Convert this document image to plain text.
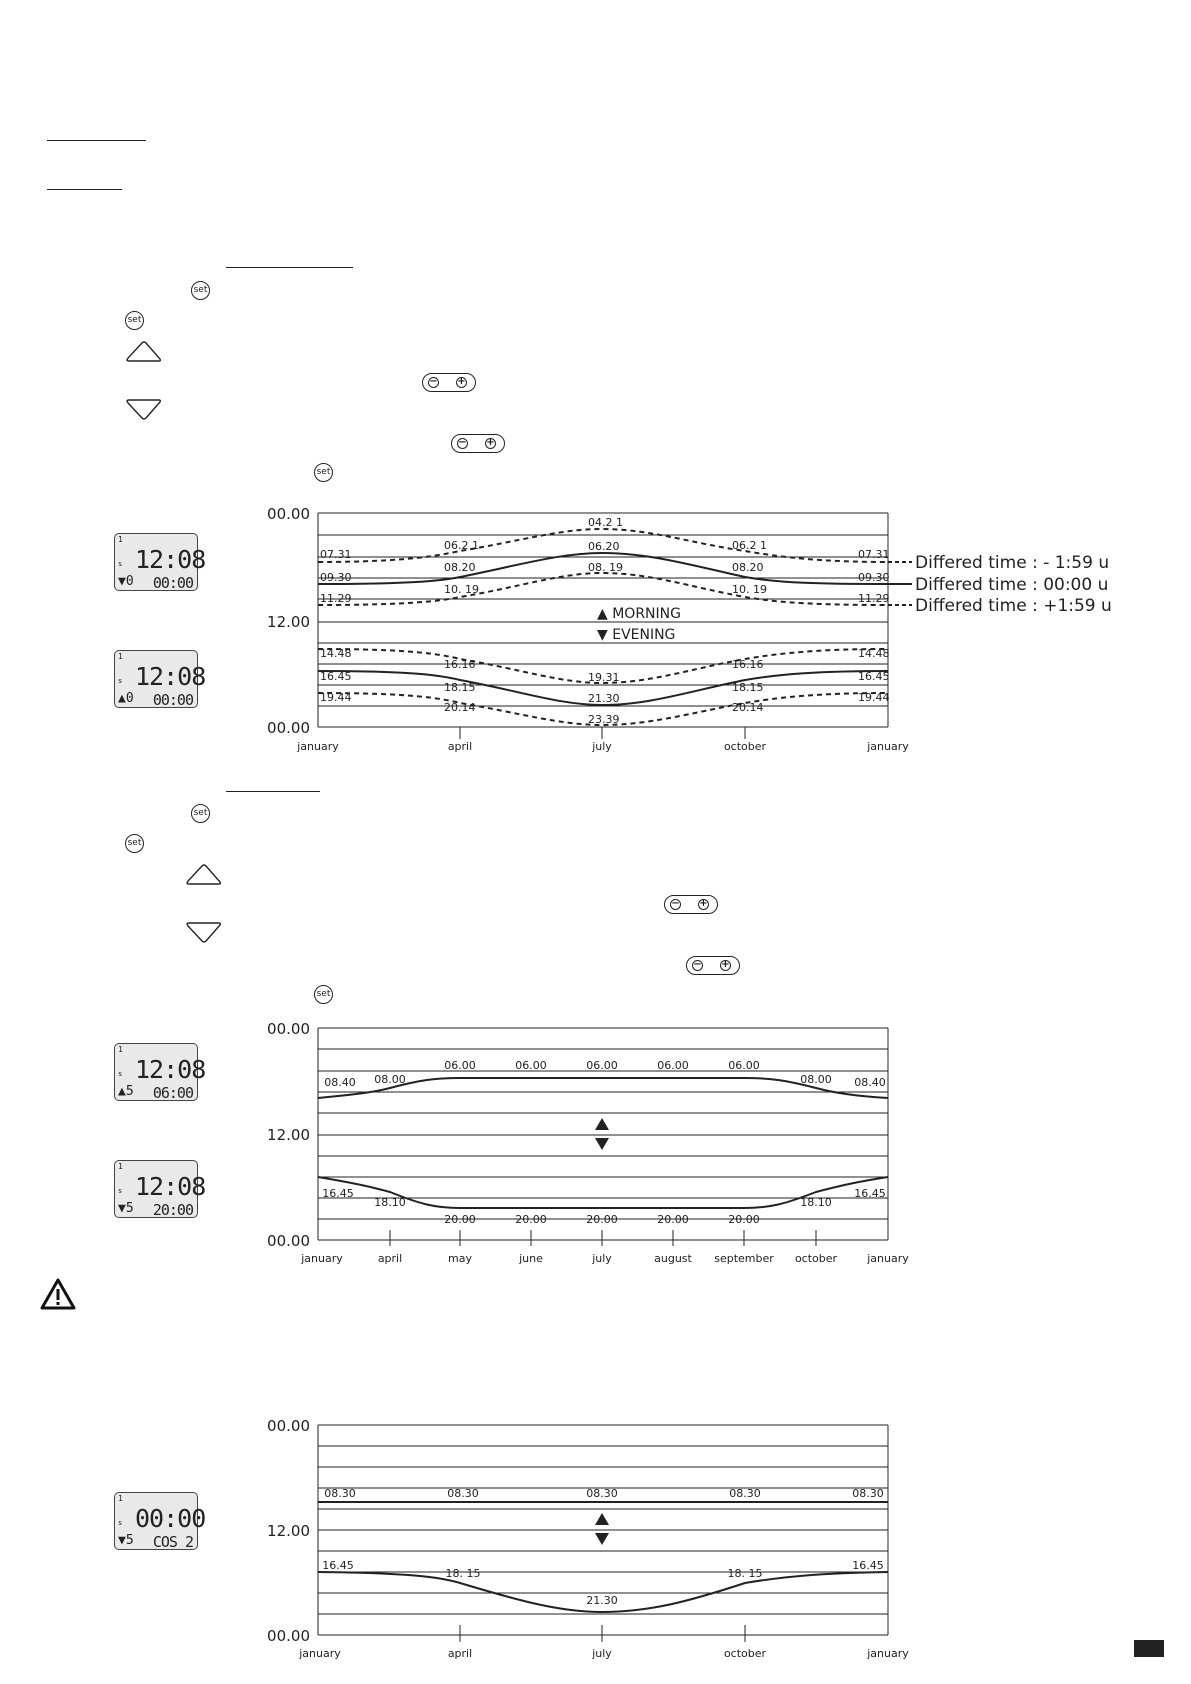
set
set
− +
− +
set
set
set
− +
− +
set
1
s 12:08
▼0 00:00
1
s 12:08
▲0 00:00
1
s 12:08
▲5 06:00
1
s 12:08
▼5 20:00
1
s 00:00
▼5 COS 2
00.00
12.00
00.00
january	april	july	october	january
07.31
06.2 1
04.2 1
06.2 1
07.31
09.30
08.20
06.20
08.20
09.30
11.29
10. 19
08. 19
10. 19
11.29
14.48
16.16
19.31
16.16
14.48
16.45
18.15
21.30
18.15
16.45
19.44
20.14
23.39
20.14
19.44
▲ MORNING
▼ EVENING
Differed time : - 1:59 u
Differed time : 00:00 u
Differed time : +1:59 u
00.00
12.00
00.00
january	april	may	june	july	august september october	january
08.40 08.00
06.00	06.00	06.00	06.00	06.00
08.00 08.40
16.45
18.10
20.00	20.00	20.00	20.00	20.00
18.10
16.45
00.00
12.00
00.00
january	april	july	october	january
08.30	08.30	08.30	08.30	08.30
16.45
18. 15
21.30
18. 15
16.45
